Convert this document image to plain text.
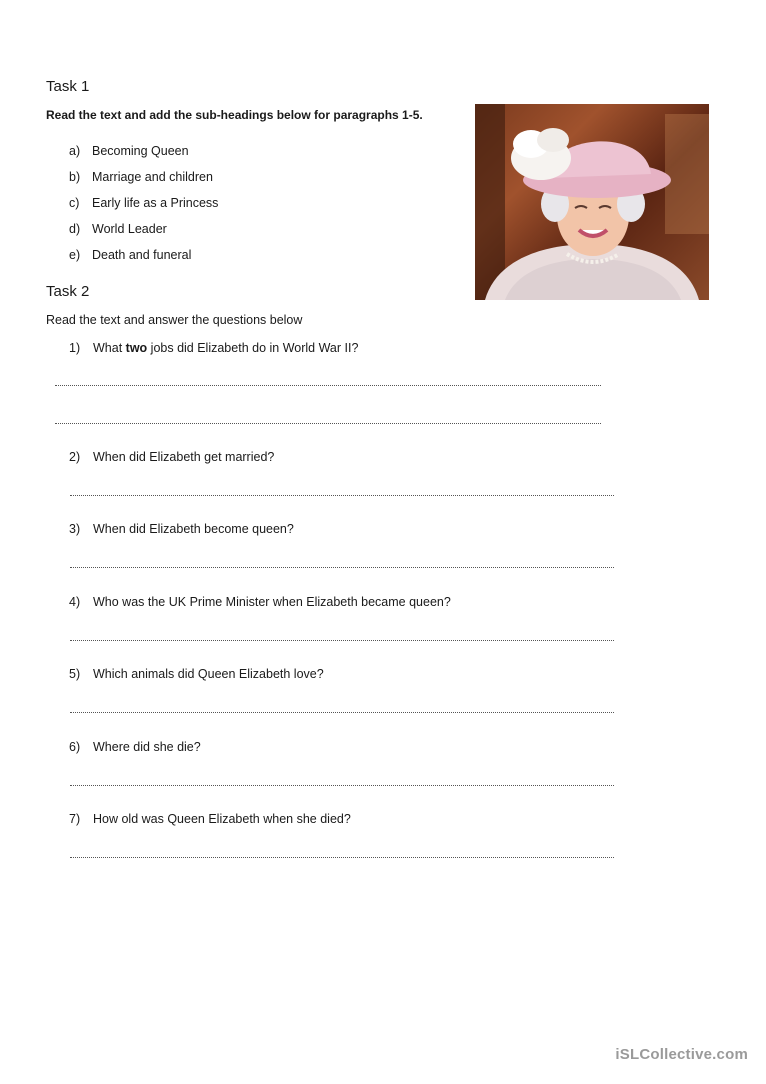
Task 1
Read the text and add the sub-headings below for paragraphs 1-5.
a) Becoming Queen
b) Marriage and children
c) Early life as a Princess
d) World Leader
e) Death and funeral
Task 2
Read the text and answer the questions below
1) What two jobs did Elizabeth do in World War II?
2) When did Elizabeth get married?
3) When did Elizabeth become queen?
4) Who was the UK Prime Minister when Elizabeth became queen?
5) Which animals did Queen Elizabeth love?
6) Where did she die?
7) How old was Queen Elizabeth when she died?
iSLCollective.com
